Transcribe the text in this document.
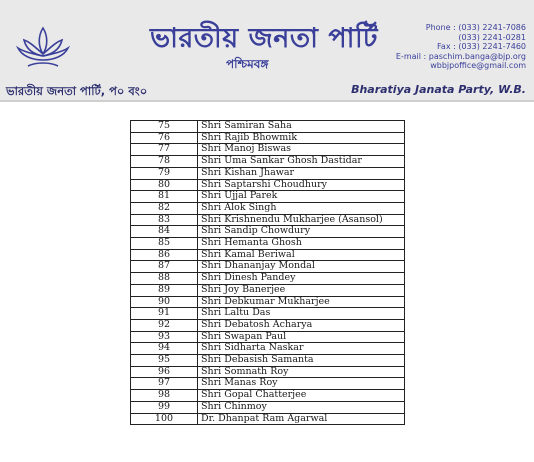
ভারতীয় জনতা পার্টি
পশ্চিমবঙ্গ
Phone : (033) 2241-7086
(033) 2241-0281
Fax : (033) 2241-7460
E-mail : paschim.banga@bjp.org
wbbjpoffice@gmail.com
ভারতীয় জনতা পার্টি, প০ বং০	Bharatiya Janata Party, W.B.
75	Shri Samiran Saha
76	Shri Rajib Bhowmik
77	Shri Manoj Biswas
78	Shri Uma Sankar Ghosh Dastidar
79	Shri Kishan Jhawar
80	Shri Saptarshi Choudhury
81	Shri Ujjal Parek
82	Shri Alok Singh
83	Shri Krishnendu Mukharjee (Asansol)
84	Shri Sandip Chowdury
85	Shri Hemanta Ghosh
86	Shri Kamal Beriwal
87	Shri Dhananjay Mondal
88	Shri Dinesh Pandey
89	Shri Joy Banerjee
90	Shri Debkumar Mukharjee
91	Shri Laltu Das
92	Shri Debatosh Acharya
93	Shri Swapan Paul
94	Shri Sidharta Naskar
95	Shri Debasish Samanta
96	Shri Somnath Roy
97	Shri Manas Roy
98	Shri Gopal Chatterjee
99	Shri Chinmoy
100	Dr. Dhanpat Ram Agarwal
